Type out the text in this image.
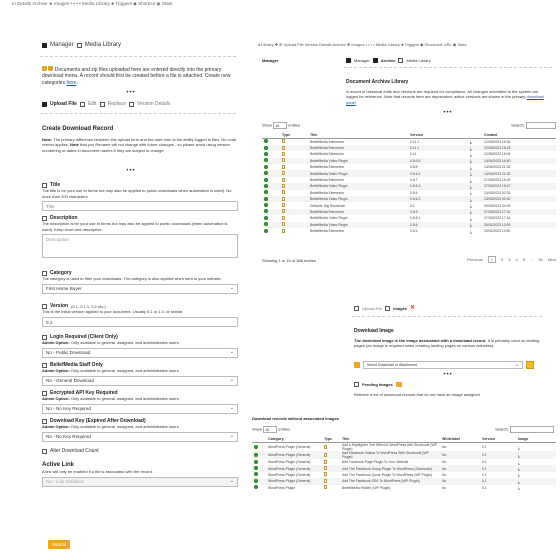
In Details Archive ★ Images • • • • Media Library ♣ Triggers ◆ Shortcut ◉ Stats
Manager Media Library
Documents and zip files uploaded here are entered directly into the primary download menu. A record should first be created before a file is attached. Create new categories here.
•••
Upload File Edit Replace Version Details
Create Download Record
Note: The primary difference between this upload form and the user form is the ability logged in files. No code restrict applies. Note that you Rename will not change with future changes - so please avoid using version numbering or dates in document names if they are subject to change.
•••
Title
The title is for your use in forms but may also be applied to public downloads when automation is used). No more than 200 characters.
Title
Description
The description is for your use in forms but may also be applied to public downloads (when automation is used). Keep short and descriptive.
Description
Category
The category is used to filter your downloads. The category is also applied when sent to your website.
First Home Buyer	⌄
Version (0.1, 0.1.1, 0.2 etc.)
This is the initial version applied to your document. Usually 0.1 or 1.0, or similar.
0.1
Login Required (Client Only)
Admin Option: Only available to general, assigned, and administrative users.
No - Public Download	⌄
BeliefMedia Staff Only
Admin Option: Only available to general, assigned, and administrative users.
No - General Download	⌄
Encrypted API Key Required
Admin Option: Only available to general, assigned, and administrative users.
No - No Key Required	⌄
Download Key (Expired After Download)
Admin Option: Only available to general, assigned, and administrative users.
No - No Key Required	⌄
Alter Download Count
Active Link
A link will only be enabled if a file is associated with the record.
No - Link Disabled	⌄
Submit
♠ Library ✚ ⊕ Upload File Version Details Archive ✖ Images • • • • Media Library ♣ Triggers ◆ Shortcode URL ◉ Stats
Manager	Manager	Archive	Media Library
Document Archive Library
A record of historical edits and versions are required for compliance. All changes submitted to the system are logged for reference. Note that records here are deprecated; active versions are shown in the primary download panel
•••
Show 16 entries	Search:
	Type	Title	Version		Created
		BeliefMedia Elementor	0.11.2	⤓	12/05/2023 16:34
		BeliefMedia Elementor	0.11.1	⤓	12/05/2023 16:18
		BeliefMedia Elementor	0.11	⤓	12/05/2023 16:04
		BeliefMedia Video Plugin	0.8.6.5	⤓	14/04/2023 16:40
		BeliefMedia Elementor	0.8.8	⤓	14/04/2023 21:33
		BeliefMedia Video Plugin	0.8.6.4	⤓	14/04/2023 21:32
		BeliefMedia Elementor	0.8.7	⤓	27/03/2023 15:49
		BeliefMedia Video Plugin	0.8.6.3	⤓	27/03/2023 15:47
		BeliefMedia Elementor	0.8.6	⤓	13/03/2023 02:31
		BeliefMedia Video Plugin	0.8.6.2	⤓	13/03/2023 02:30
		Defaults Tag Shortcode	0.1	⤓	09/03/2023 04:39
		BeliefMedia Elementor	0.8.5	⤓	07/03/2023 17:31
		BeliefMedia Video Plugin	0.8.6.1	⤓	07/03/2023 17:16
		BeliefMedia Video Plugin	0.8.6	⤓	30/01/2023 13:59
		BeliefMedia Elementor	0.8.4	⤓	20/01/2023 13:50
Showing 1 to 15 of 388 entries	Previous	1	2 3 4 5 ... 26 Next
Upload File	Images ✕
Download Image
The download image is the image associated with a download record. It is primarily used on landing pages (an image is required when creating landing pages on various websites).
Select Download or Attachment	⌄
•••
Pending Images
Retrieve a list of download records that do not have an image assigned.
Download records without associated images
Show 16 entries	Search:
	Category	Type	Title	Whitelabel	Version	Image
	WordPress Plugin (General)		Add a Highlighter Text Effect to WordPress with Shortcode (WP Plugin)	No	0.1	⤓
	WordPress Plugin (General)		Add Facebook Videos To WordPress With Shortcode (WP Plugin)	No	0.1	⤓
	WordPress Plugin (General)		Add Facebook Page Plugin To Your Website	No	0.1	⤓
	WordPress Plugin (General)		Add The Facebook Group Plugin To WordPress (Shortcode)	No	0.1	⤓
	WordPress Plugin (General)		Add The Facebook Quote Plugin To WordPress (WP Plugin)	No	0.1	⤓
	WordPress Plugin (General)		Add The Facebook SDK To WordPress (WP Plugin)	No	0.1	⤓
	WordPress Plugin		BeliefMedia Hidden (WP Plugin)	No	0.1	⤓
